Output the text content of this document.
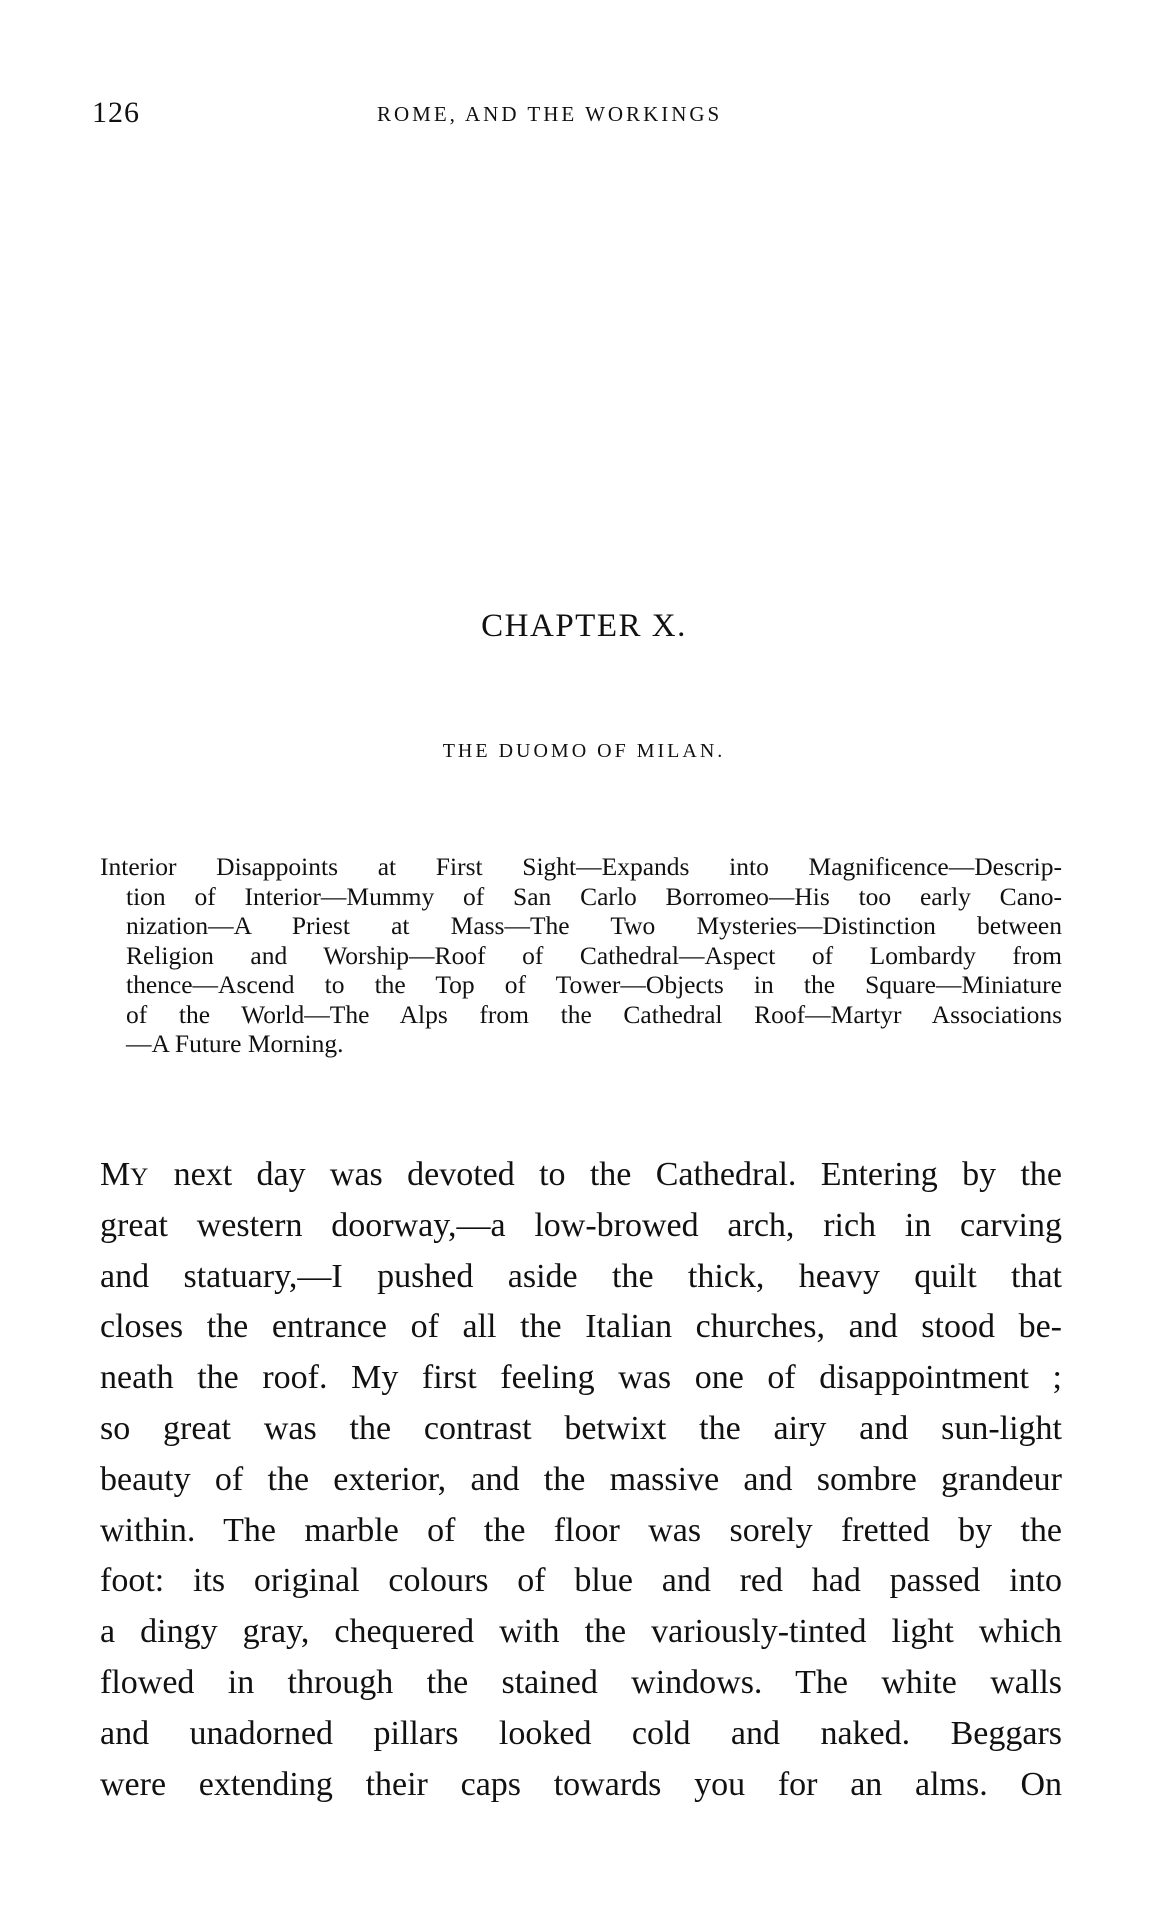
126	ROME, AND THE WORKINGS
CHAPTER X.
THE DUOMO OF MILAN.
Interior Disappoints at First Sight—Expands into Magnificence—Descrip-
tion of Interior—Mummy of San Carlo Borromeo—His too early Cano-
nization—A Priest at Mass—The Two Mysteries—Distinction between
Religion and Worship—Roof of Cathedral—Aspect of Lombardy from
thence—Ascend to the Top of Tower—Objects in the Square—Miniature
of the World—The Alps from the Cathedral Roof—Martyr Associations
—A Future Morning.
MY next day was devoted to the Cathedral. Entering by the
great western doorway,—a low-browed arch, rich in carving
and statuary,—I pushed aside the thick, heavy quilt that
closes the entrance of all the Italian churches, and stood be-
neath the roof. My first feeling was one of disappointment ;
so great was the contrast betwixt the airy and sun-light
beauty of the exterior, and the massive and sombre grandeur
within. The marble of the floor was sorely fretted by the
foot: its original colours of blue and red had passed into
a dingy gray, chequered with the variously-tinted light which
flowed in through the stained windows. The white walls
and unadorned pillars looked cold and naked. Beggars
were extending their caps towards you for an alms. On
